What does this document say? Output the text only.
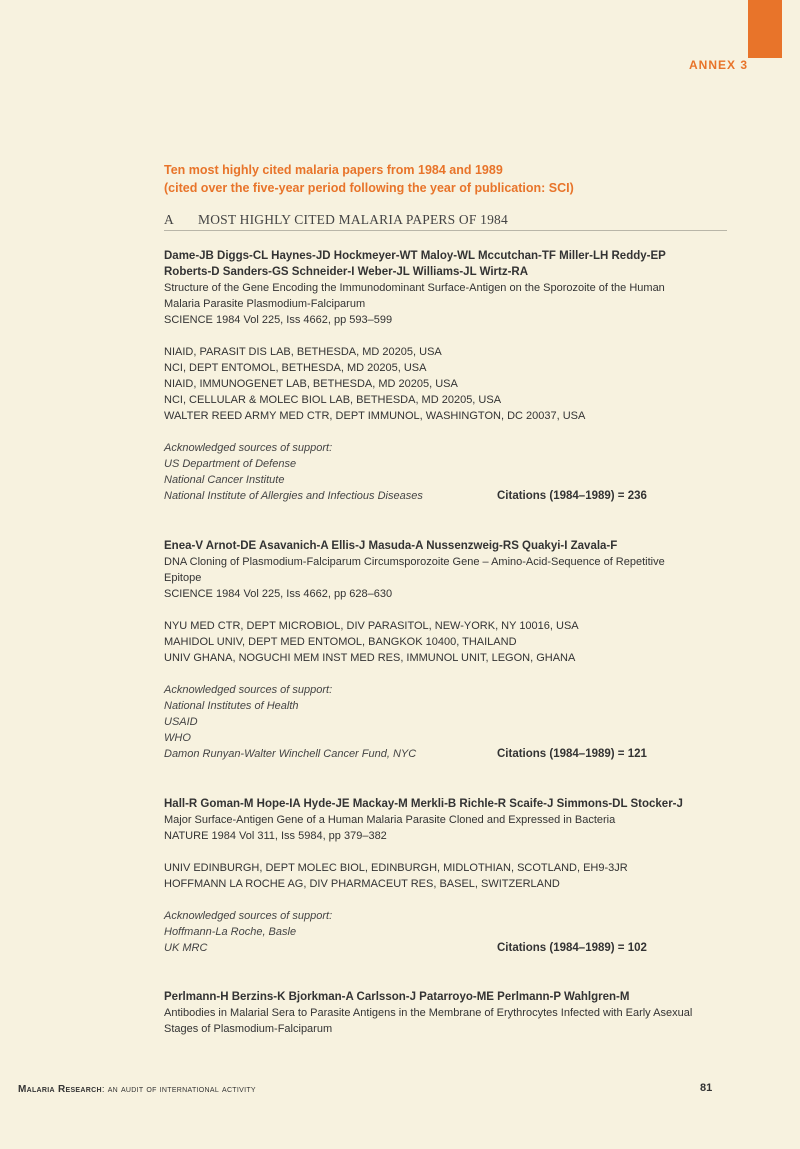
ANNEX 3
Ten most highly cited malaria papers from 1984 and 1989
(cited over the five-year period following the year of publication: SCI)
A MOST HIGHLY CITED MALARIA PAPERS OF 1984
Dame-JB Diggs-CL Haynes-JD Hockmeyer-WT Maloy-WL Mccutchan-TF Miller-LH Reddy-EP
Roberts-D Sanders-GS Schneider-I Weber-JL Williams-JL Wirtz-RA
Structure of the Gene Encoding the Immunodominant Surface-Antigen on the Sporozoite of the Human
Malaria Parasite Plasmodium-Falciparum
SCIENCE 1984 Vol 225, Iss 4662, pp 593–599
NIAID, PARASIT DIS LAB, BETHESDA, MD 20205, USA
NCI, DEPT ENTOMOL, BETHESDA, MD 20205, USA
NIAID, IMMUNOGENET LAB, BETHESDA, MD 20205, USA
NCI, CELLULAR & MOLEC BIOL LAB, BETHESDA, MD 20205, USA
WALTER REED ARMY MED CTR, DEPT IMMUNOL, WASHINGTON, DC 20037, USA
Acknowledged sources of support:
US Department of Defense
National Cancer Institute
National Institute of Allergies and Infectious Diseases	Citations (1984–1989) = 236
Enea-V Arnot-DE Asavanich-A Ellis-J Masuda-A Nussenzweig-RS Quakyi-I Zavala-F
DNA Cloning of Plasmodium-Falciparum Circumsporozoite Gene – Amino-Acid-Sequence of Repetitive
Epitope
SCIENCE 1984 Vol 225, Iss 4662, pp 628–630
NYU MED CTR, DEPT MICROBIOL, DIV PARASITOL, NEW-YORK, NY 10016, USA
MAHIDOL UNIV, DEPT MED ENTOMOL, BANGKOK 10400, THAILAND
UNIV GHANA, NOGUCHI MEM INST MED RES, IMMUNOL UNIT, LEGON, GHANA
Acknowledged sources of support:
National Institutes of Health
USAID
WHO
Damon Runyan-Walter Winchell Cancer Fund, NYC	Citations (1984–1989) = 121
Hall-R Goman-M Hope-IA Hyde-JE Mackay-M Merkli-B Richle-R Scaife-J Simmons-DL Stocker-J
Major Surface-Antigen Gene of a Human Malaria Parasite Cloned and Expressed in Bacteria
NATURE 1984 Vol 311, Iss 5984, pp 379–382
UNIV EDINBURGH, DEPT MOLEC BIOL, EDINBURGH, MIDLOTHIAN, SCOTLAND, EH9-3JR
HOFFMANN LA ROCHE AG, DIV PHARMACEUT RES, BASEL, SWITZERLAND
Acknowledged sources of support:
Hoffmann-La Roche, Basle
UK MRC	Citations (1984–1989) = 102
Perlmann-H Berzins-K Bjorkman-A Carlsson-J Patarroyo-ME Perlmann-P Wahlgren-M
Antibodies in Malarial Sera to Parasite Antigens in the Membrane of Erythrocytes Infected with Early Asexual
Stages of Plasmodium-Falciparum
Malaria Research: an audit of international activity	81
